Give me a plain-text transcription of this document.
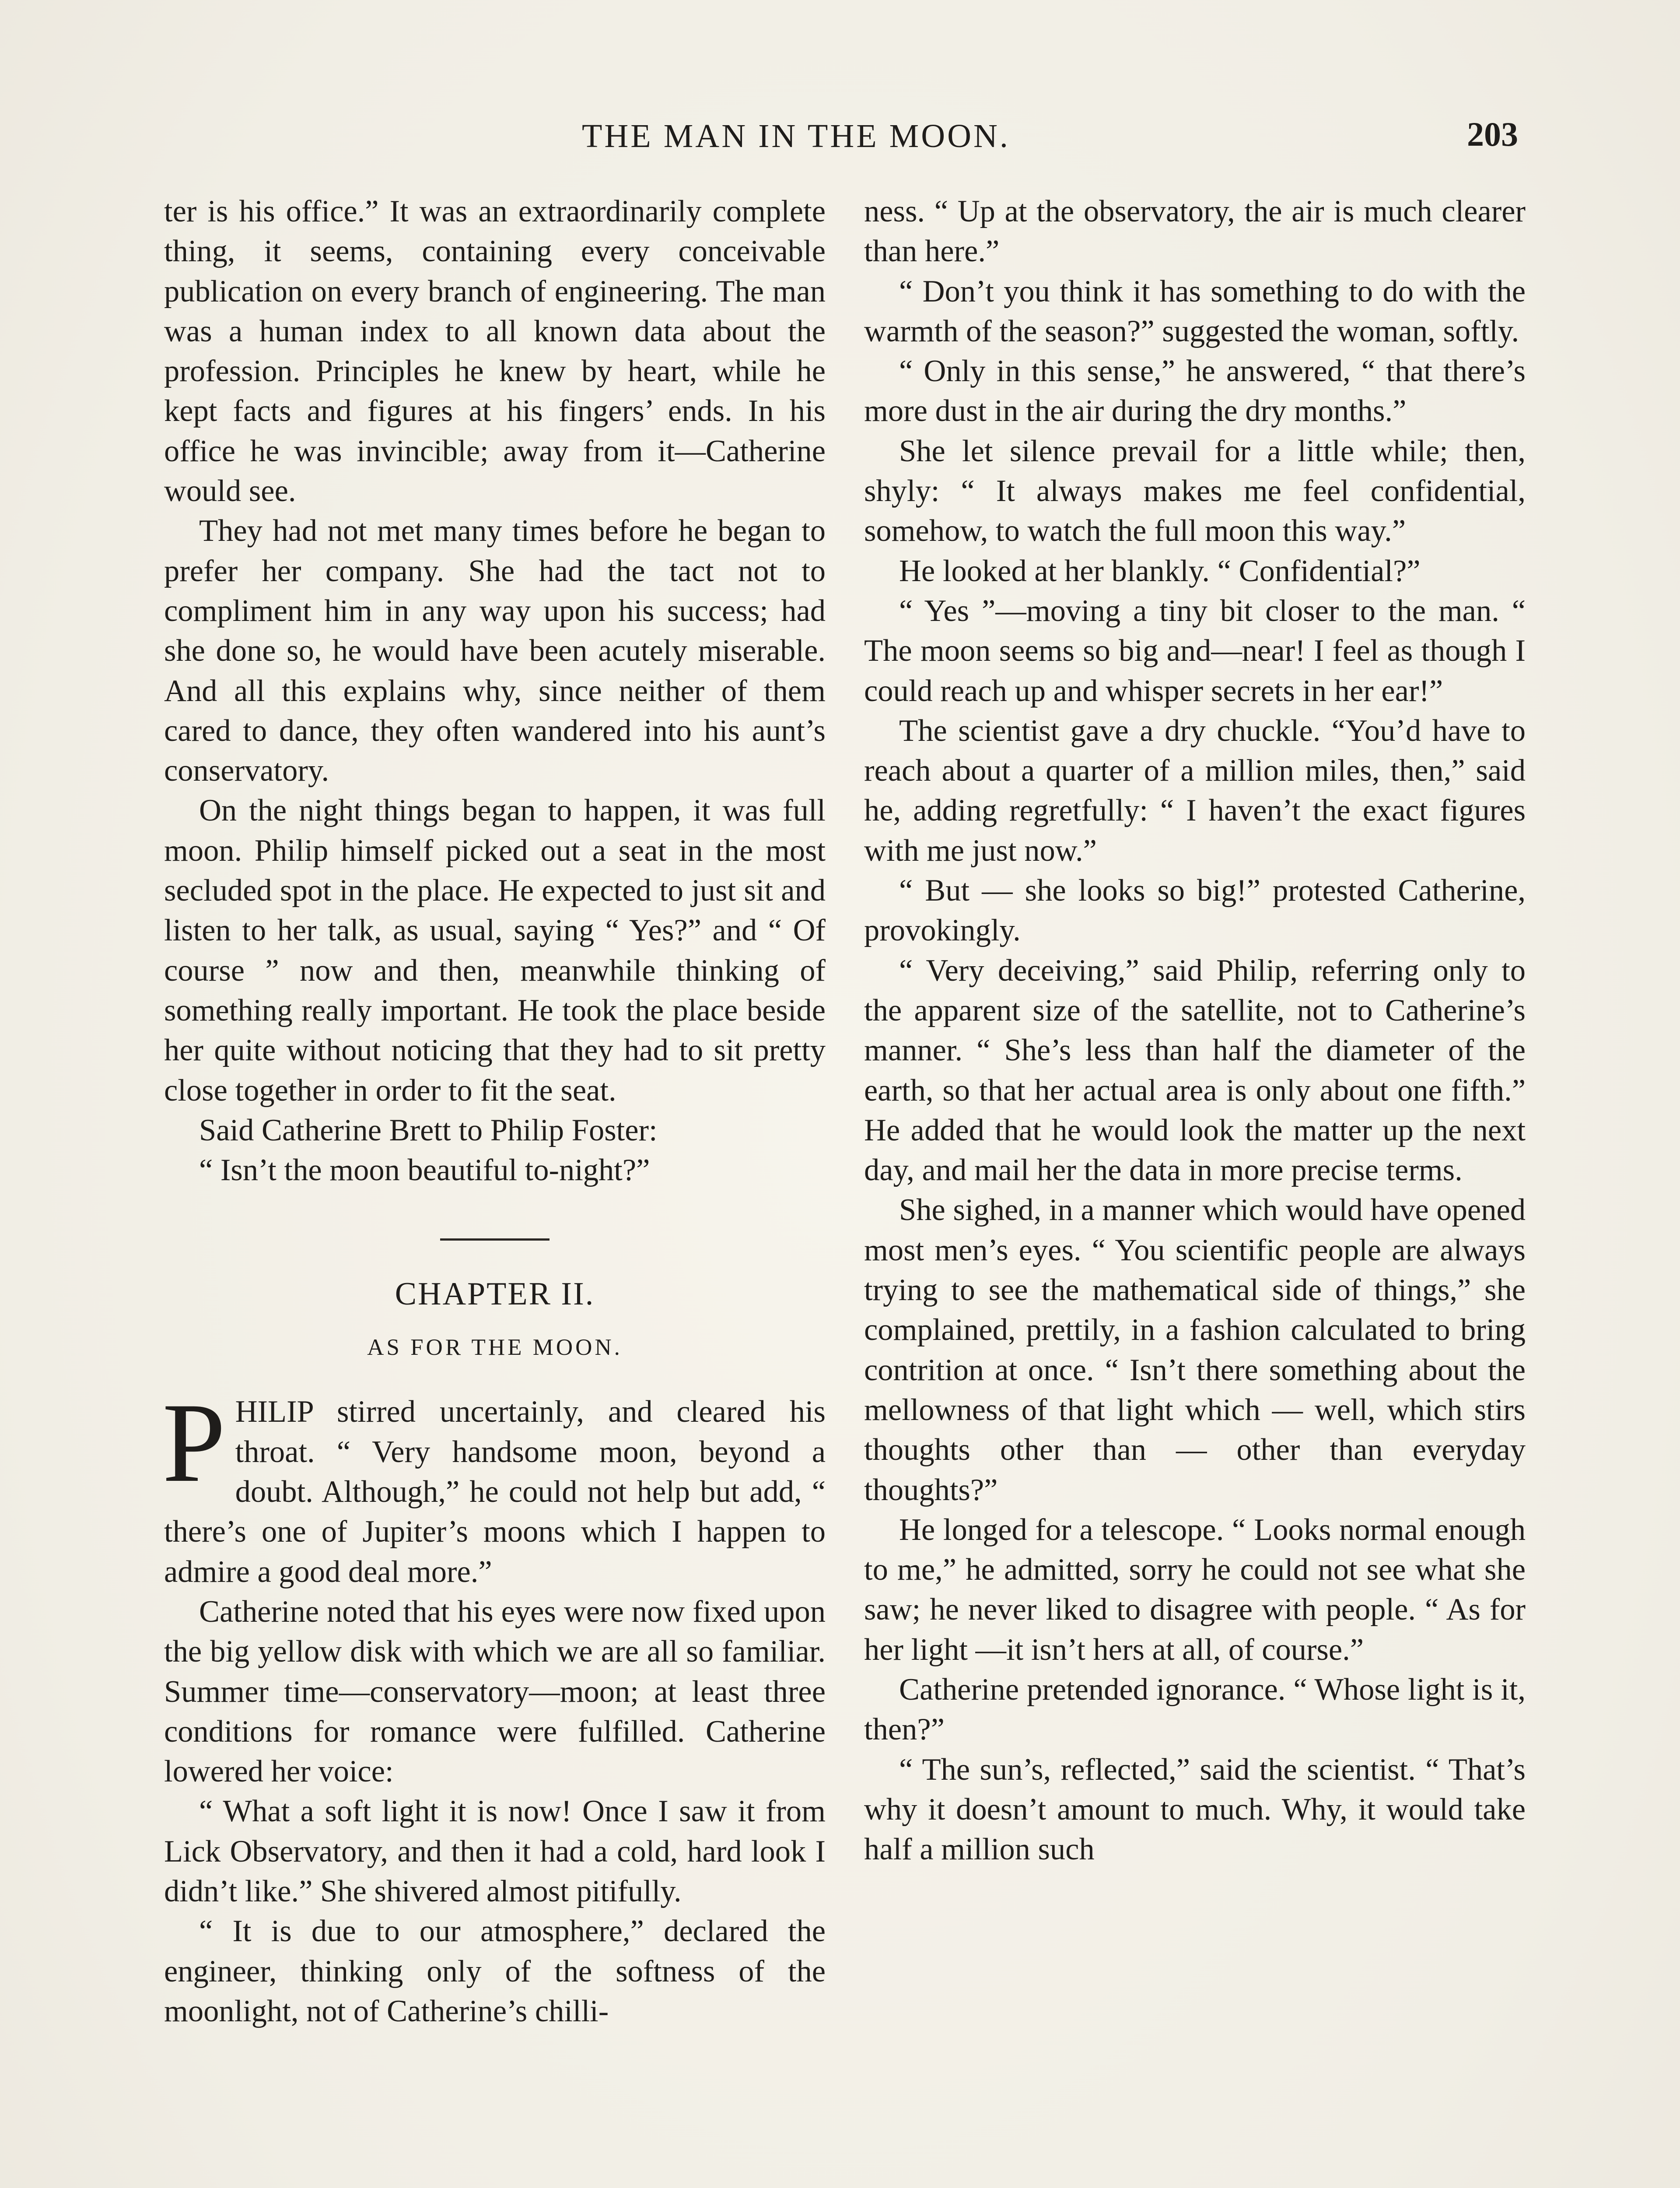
THE MAN IN THE MOON.	203

ter is his office.” It was an extraordinarily complete thing, it seems, containing every conceivable publication on every branch of engineering. The man was a human index to all known data about the profession. Principles he knew by heart, while he kept facts and figures at his fingers’ ends. In his office he was invincible; away from it—Catherine would see.

They had not met many times before he began to prefer her company. She had the tact not to compliment him in any way upon his success; had she done so, he would have been acutely miserable. And all this explains why, since neither of them cared to dance, they often wandered into his aunt’s conservatory.

On the night things began to happen, it was full moon. Philip himself picked out a seat in the most secluded spot in the place. He expected to just sit and listen to her talk, as usual, saying “ Yes?” and “ Of course ” now and then, meanwhile thinking of something really important. He took the place beside her quite without noticing that they had to sit pretty close together in order to fit the seat.

Said Catherine Brett to Philip Foster:

“ Isn’t the moon beautiful to-night?”

CHAPTER II.
AS FOR THE MOON.

PHILIP stirred uncertainly, and cleared his throat. “ Very handsome moon, beyond a doubt. Although,” he could not help but add, “ there’s one of Jupiter’s moons which I happen to admire a good deal more.”

Catherine noted that his eyes were now fixed upon the big yellow disk with which we are all so familiar. Summer time—conservatory—moon; at least three conditions for romance were fulfilled. Catherine lowered her voice:

“ What a soft light it is now! Once I saw it from Lick Observatory, and then it had a cold, hard look I didn’t like.” She shivered almost pitifully.

“ It is due to our atmosphere,” declared the engineer, thinking only of the softness of the moonlight, not of Catherine’s chilli-

ness. “ Up at the observatory, the air is much clearer than here.”

“ Don’t you think it has something to do with the warmth of the season?” suggested the woman, softly.

“ Only in this sense,” he answered, “ that there’s more dust in the air during the dry months.”

She let silence prevail for a little while; then, shyly: “ It always makes me feel confidential, somehow, to watch the full moon this way.”

He looked at her blankly. “ Confidential?”

“ Yes ”—moving a tiny bit closer to the man. “ The moon seems so big and—near! I feel as though I could reach up and whisper secrets in her ear!”

The scientist gave a dry chuckle. “You’d have to reach about a quarter of a million miles, then,” said he, adding regretfully: “ I haven’t the exact figures with me just now.”

“ But — she looks so big!” protested Catherine, provokingly.

“ Very deceiving,” said Philip, referring only to the apparent size of the satellite, not to Catherine’s manner. “ She’s less than half the diameter of the earth, so that her actual area is only about one fifth.” He added that he would look the matter up the next day, and mail her the data in more precise terms.

She sighed, in a manner which would have opened most men’s eyes. “ You scientific people are always trying to see the mathematical side of things,” she complained, prettily, in a fashion calculated to bring contrition at once. “ Isn’t there something about the mellowness of that light which — well, which stirs thoughts other than — other than everyday thoughts?”

He longed for a telescope. “ Looks normal enough to me,” he admitted, sorry he could not see what she saw; he never liked to disagree with people. “ As for her light —it isn’t hers at all, of course.”

Catherine pretended ignorance. “ Whose light is it, then?”

“ The sun’s, reflected,” said the scientist. “ That’s why it doesn’t amount to much. Why, it would take half a million such
